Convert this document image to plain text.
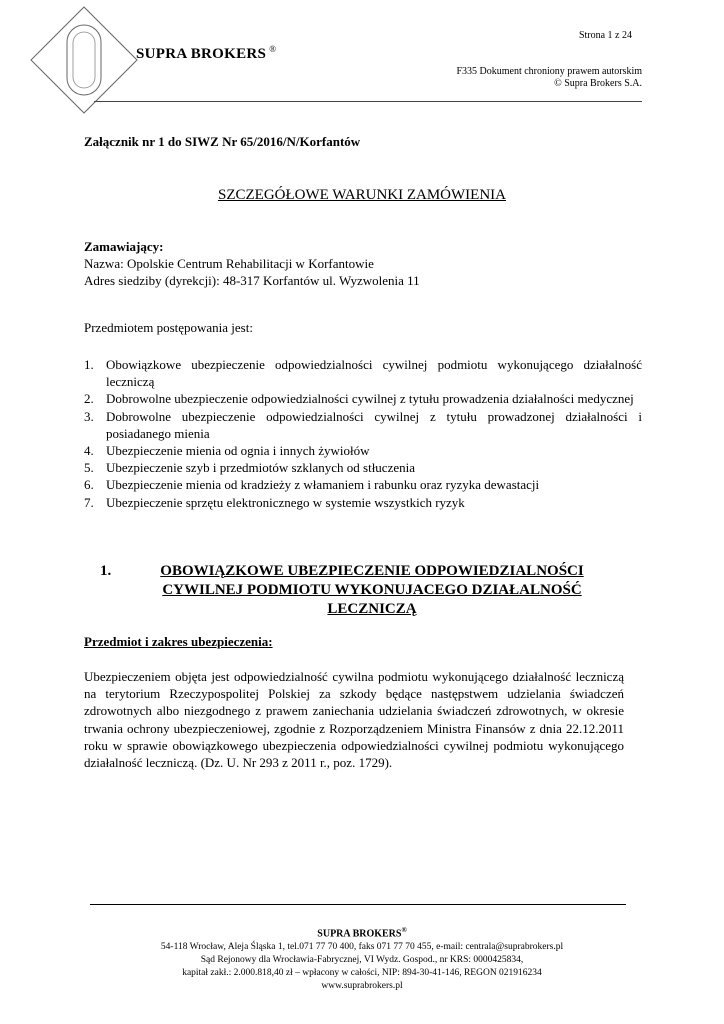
SUPRA BROKERS ®
Strona 1 z 24
F335 Dokument chroniony prawem autorskim
© Supra Brokers S.A.
Załącznik nr 1 do SIWZ Nr 65/2016/N/Korfantów
SZCZEGÓŁOWE WARUNKI ZAMÓWIENIA
Zamawiający:
Nazwa: Opolskie Centrum Rehabilitacji w Korfantowie
Adres siedziby (dyrekcji): 48-317 Korfantów ul. Wyzwolenia 11
Przedmiotem postępowania jest:
1. Obowiązkowe ubezpieczenie odpowiedzialności cywilnej podmiotu wykonującego działalność leczniczą
2. Dobrowolne ubezpieczenie odpowiedzialności cywilnej z tytułu prowadzenia działalności medycznej
3. Dobrowolne ubezpieczenie odpowiedzialności cywilnej z tytułu prowadzonej działalności i posiadanego mienia
4. Ubezpieczenie mienia od ognia i innych żywiołów
5. Ubezpieczenie szyb i przedmiotów szklanych od stłuczenia
6. Ubezpieczenie mienia od kradzieży z włamaniem i rabunku oraz ryzyka dewastacji
7. Ubezpieczenie sprzętu elektronicznego w systemie wszystkich ryzyk
1.	OBOWIĄZKOWE UBEZPIECZENIE ODPOWIEDZIALNOŚCI CYWILNEJ PODMIOTU WYKONUJACEGO DZIAŁALNOŚĆ LECZNICZĄ
Przedmiot i zakres ubezpieczenia:

Ubezpieczeniem objęta jest odpowiedzialność cywilna podmiotu wykonującego działalność leczniczą na terytorium Rzeczypospolitej Polskiej za szkody będące następstwem udzielania świadczeń zdrowotnych albo niezgodnego z prawem zaniechania udzielania świadczeń zdrowotnych, w okresie trwania ochrony ubezpieczeniowej, zgodnie z Rozporządzeniem Ministra Finansów z dnia 22.12.2011 roku w sprawie obowiązkowego ubezpieczenia odpowiedzialności cywilnej podmiotu wykonującego działalność leczniczą. (Dz. U. Nr 293 z 2011 r., poz. 1729).

SUPRA BROKERS®
54-118 Wrocław, Aleja Śląska 1, tel.071 77 70 400, faks 071 77 70 455, e-mail: centrala@suprabrokers.pl
Sąd Rejonowy dla Wrocławia-Fabrycznej, VI Wydz. Gospod., nr KRS: 0000425834,
kapitał zakł.: 2.000.818,40 zł – wpłacony w całości, NIP: 894-30-41-146, REGON 021916234
www.suprabrokers.pl
